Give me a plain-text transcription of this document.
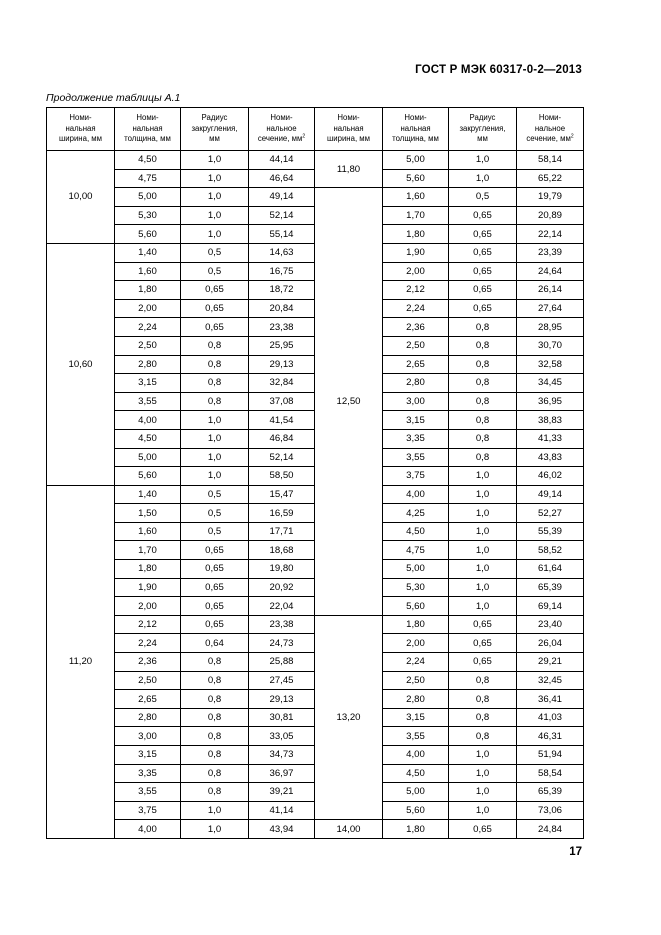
ГОСТ Р МЭК 60317-0-2—2013
Продолжение таблицы А.1
Номи-
нальная
ширина, мм	Номи-
нальная
толщина, мм	Радиус
закругления,
мм	Номи-
нальное
сечение, $мм^2$	Номи-
нальная
ширина, мм	Номи-
нальная
толщина, мм	Радиус
закругления,
мм	Номи-
нальное
сечение, $мм^2$
10,00	4,50	1,0	44,14	11,80	5,00	1,0	58,14
	4,75	1,0	46,64		5,60	1,0	65,22
	5,00	1,0	49,14	12,50	1,60	0,5	19,79
	5,30	1,0	52,14		1,70	0,65	20,89
	5,60	1,0	55,14		1,80	0,65	22,14
10,60	1,40	0,5	14,63		1,90	0,65	23,39
	1,60	0,5	16,75		2,00	0,65	24,64
	1,80	0,65	18,72		2,12	0,65	26,14
	2,00	0,65	20,84		2,24	0,65	27,64
	2,24	0,65	23,38		2,36	0,8	28,95
	2,50	0,8	25,95		2,50	0,8	30,70
	2,80	0,8	29,13		2,65	0,8	32,58
	3,15	0,8	32,84		2,80	0,8	34,45
	3,55	0,8	37,08		3,00	0,8	36,95
	4,00	1,0	41,54		3,15	0,8	38,83
	4,50	1,0	46,84		3,35	0,8	41,33
	5,00	1,0	52,14		3,55	0,8	43,83
	5,60	1,0	58,50		3,75	1,0	46,02
11,20	1,40	0,5	15,47		4,00	1,0	49,14
	1,50	0,5	16,59		4,25	1,0	52,27
	1,60	0,5	17,71		4,50	1,0	55,39
	1,70	0,65	18,68		4,75	1,0	58,52
	1,80	0,65	19,80		5,00	1,0	61,64
	1,90	0,65	20,92		5,30	1,0	65,39
	2,00	0,65	22,04		5,60	1,0	69,14
	2,12	0,65	23,38	13,20	1,80	0,65	23,40
	2,24	0,64	24,73		2,00	0,65	26,04
	2,36	0,8	25,88		2,24	0,65	29,21
	2,50	0,8	27,45		2,50	0,8	32,45
	2,65	0,8	29,13		2,80	0,8	36,41
	2,80	0,8	30,81		3,15	0,8	41,03
	3,00	0,8	33,05		3,55	0,8	46,31
	3,15	0,8	34,73		4,00	1,0	51,94
	3,35	0,8	36,97		4,50	1,0	58,54
	3,55	0,8	39,21		5,00	1,0	65,39
	3,75	1,0	41,14		5,60	1,0	73,06
	4,00	1,0	43,94	14,00	1,80	0,65	24,84
17
